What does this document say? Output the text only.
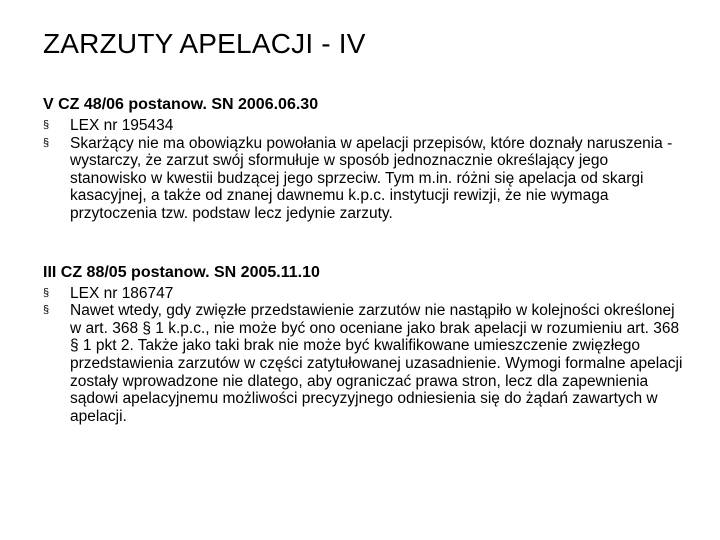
ZARZUTY APELACJI - IV
V CZ 48/06 postanow. SN 2006.06.30
§ LEX nr 195434
§ Skarżący nie ma obowiązku powołania w apelacji przepisów, które doznały naruszenia - wystarczy, że zarzut swój sformułuje w sposób jednoznacznie określający jego stanowisko w kwestii budzącej jego sprzeciw. Tym m.in. różni się apelacja od skargi kasacyjnej, a także od znanej dawnemu k.p.c. instytucji rewizji, że nie wymaga przytoczenia tzw. podstaw lecz jedynie zarzuty.
III CZ 88/05 postanow. SN 2005.11.10
§ LEX nr 186747
§ Nawet wtedy, gdy zwięzłe przedstawienie zarzutów nie nastąpiło w kolejności określonej w art. 368 § 1 k.p.c., nie może być ono oceniane jako brak apelacji w rozumieniu art. 368 § 1 pkt 2. Także jako taki brak nie może być kwalifikowane umieszczenie zwięzłego przedstawienia zarzutów w części zatytułowanej uzasadnienie. Wymogi formalne apelacji zostały wprowadzone nie dlatego, aby ograniczać prawa stron, lecz dla zapewnienia sądowi apelacyjnemu możliwości precyzyjnego odniesienia się do żądań zawartych w apelacji.
